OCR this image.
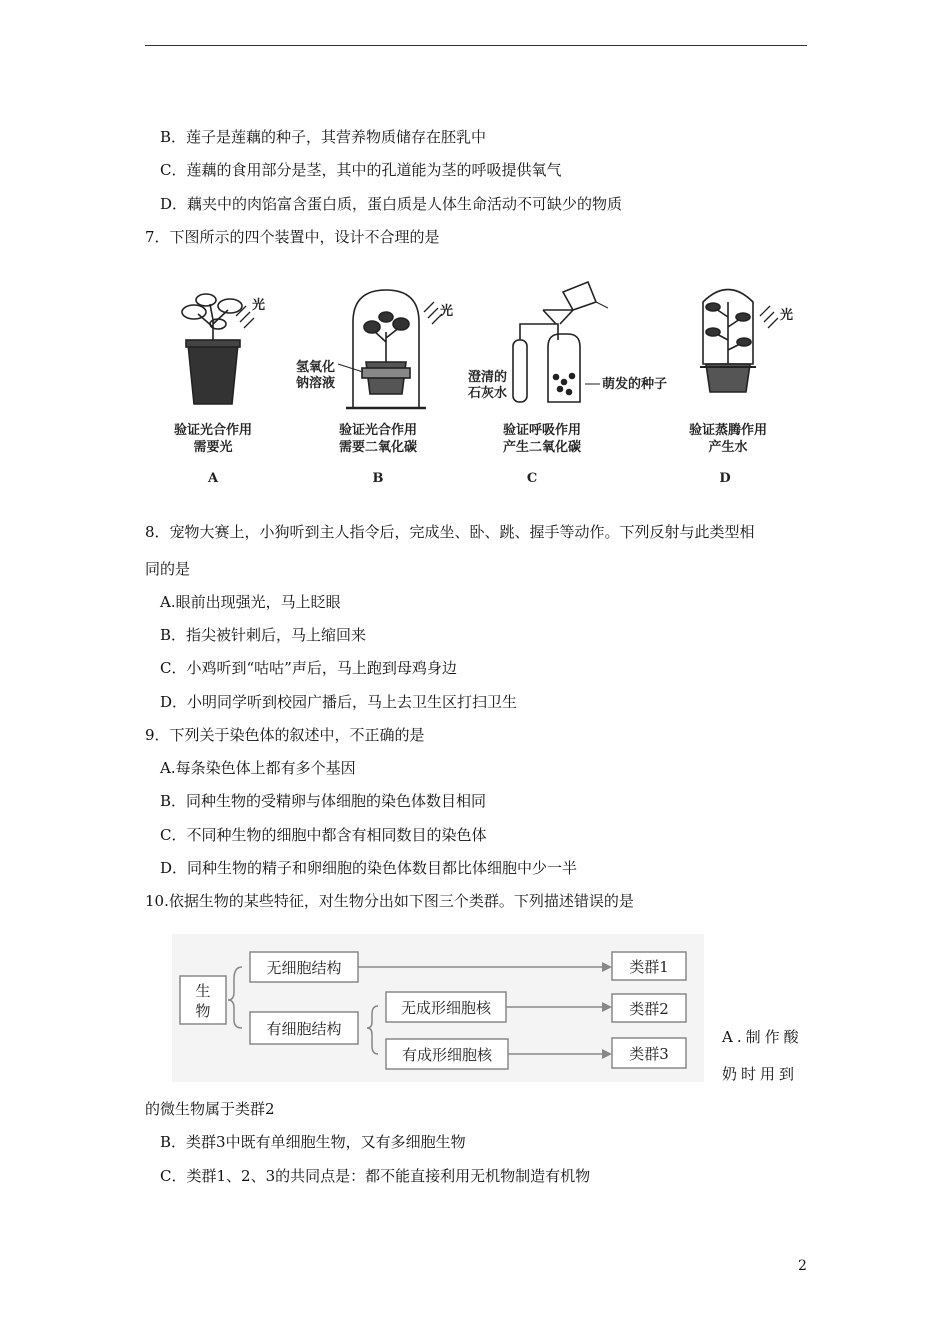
B．莲子是莲藕的种子，其营养物质储存在胚乳中
C．莲藕的食用部分是茎，其中的孔道能为茎的呼吸提供氧气
D．藕夹中的肉馅富含蛋白质，蛋白质是人体生命活动不可缺少的物质
7．下图所示的四个装置中，设计不合理的是
光	光	光
氢氧化
钠溶液	澄清的
石灰水
萌发的种子
验证光合作用
需要光
验证光合作用
需要二氧化碳
验证呼吸作用
产生二氧化碳
验证蒸腾作用
产生水
A	B	C	D
8．宠物大赛上，小狗听到主人指令后，完成坐、卧、跳、握手等动作。下列反射与此类型相
同的是
A.眼前出现强光，马上眨眼
B．指尖被针刺后，马上缩回来
C．小鸡听到“咕咕”声后，马上跑到母鸡身边
D．小明同学听到校园广播后，马上去卫生区打扫卫生
9．下列关于染色体的叙述中，不正确的是
A.每条染色体上都有多个基因
B．同种生物的受精卵与体细胞的染色体数目相同
C．不同种生物的细胞中都含有相同数目的染色体
D．同种生物的精子和卵细胞的染色体数目都比体细胞中少一半
10.依据生物的某些特征，对生物分出如下图三个类群。下列描述错误的是
生
物
无细胞结构
有细胞结构
无成形细胞核
有成形细胞核
类群1
类群2
类群3
A.制作酸
奶时用到
的微生物属于类群2
B．类群3中既有单细胞生物，又有多细胞生物
C．类群1、2、3的共同点是：都不能直接利用无机物制造有机物
2
